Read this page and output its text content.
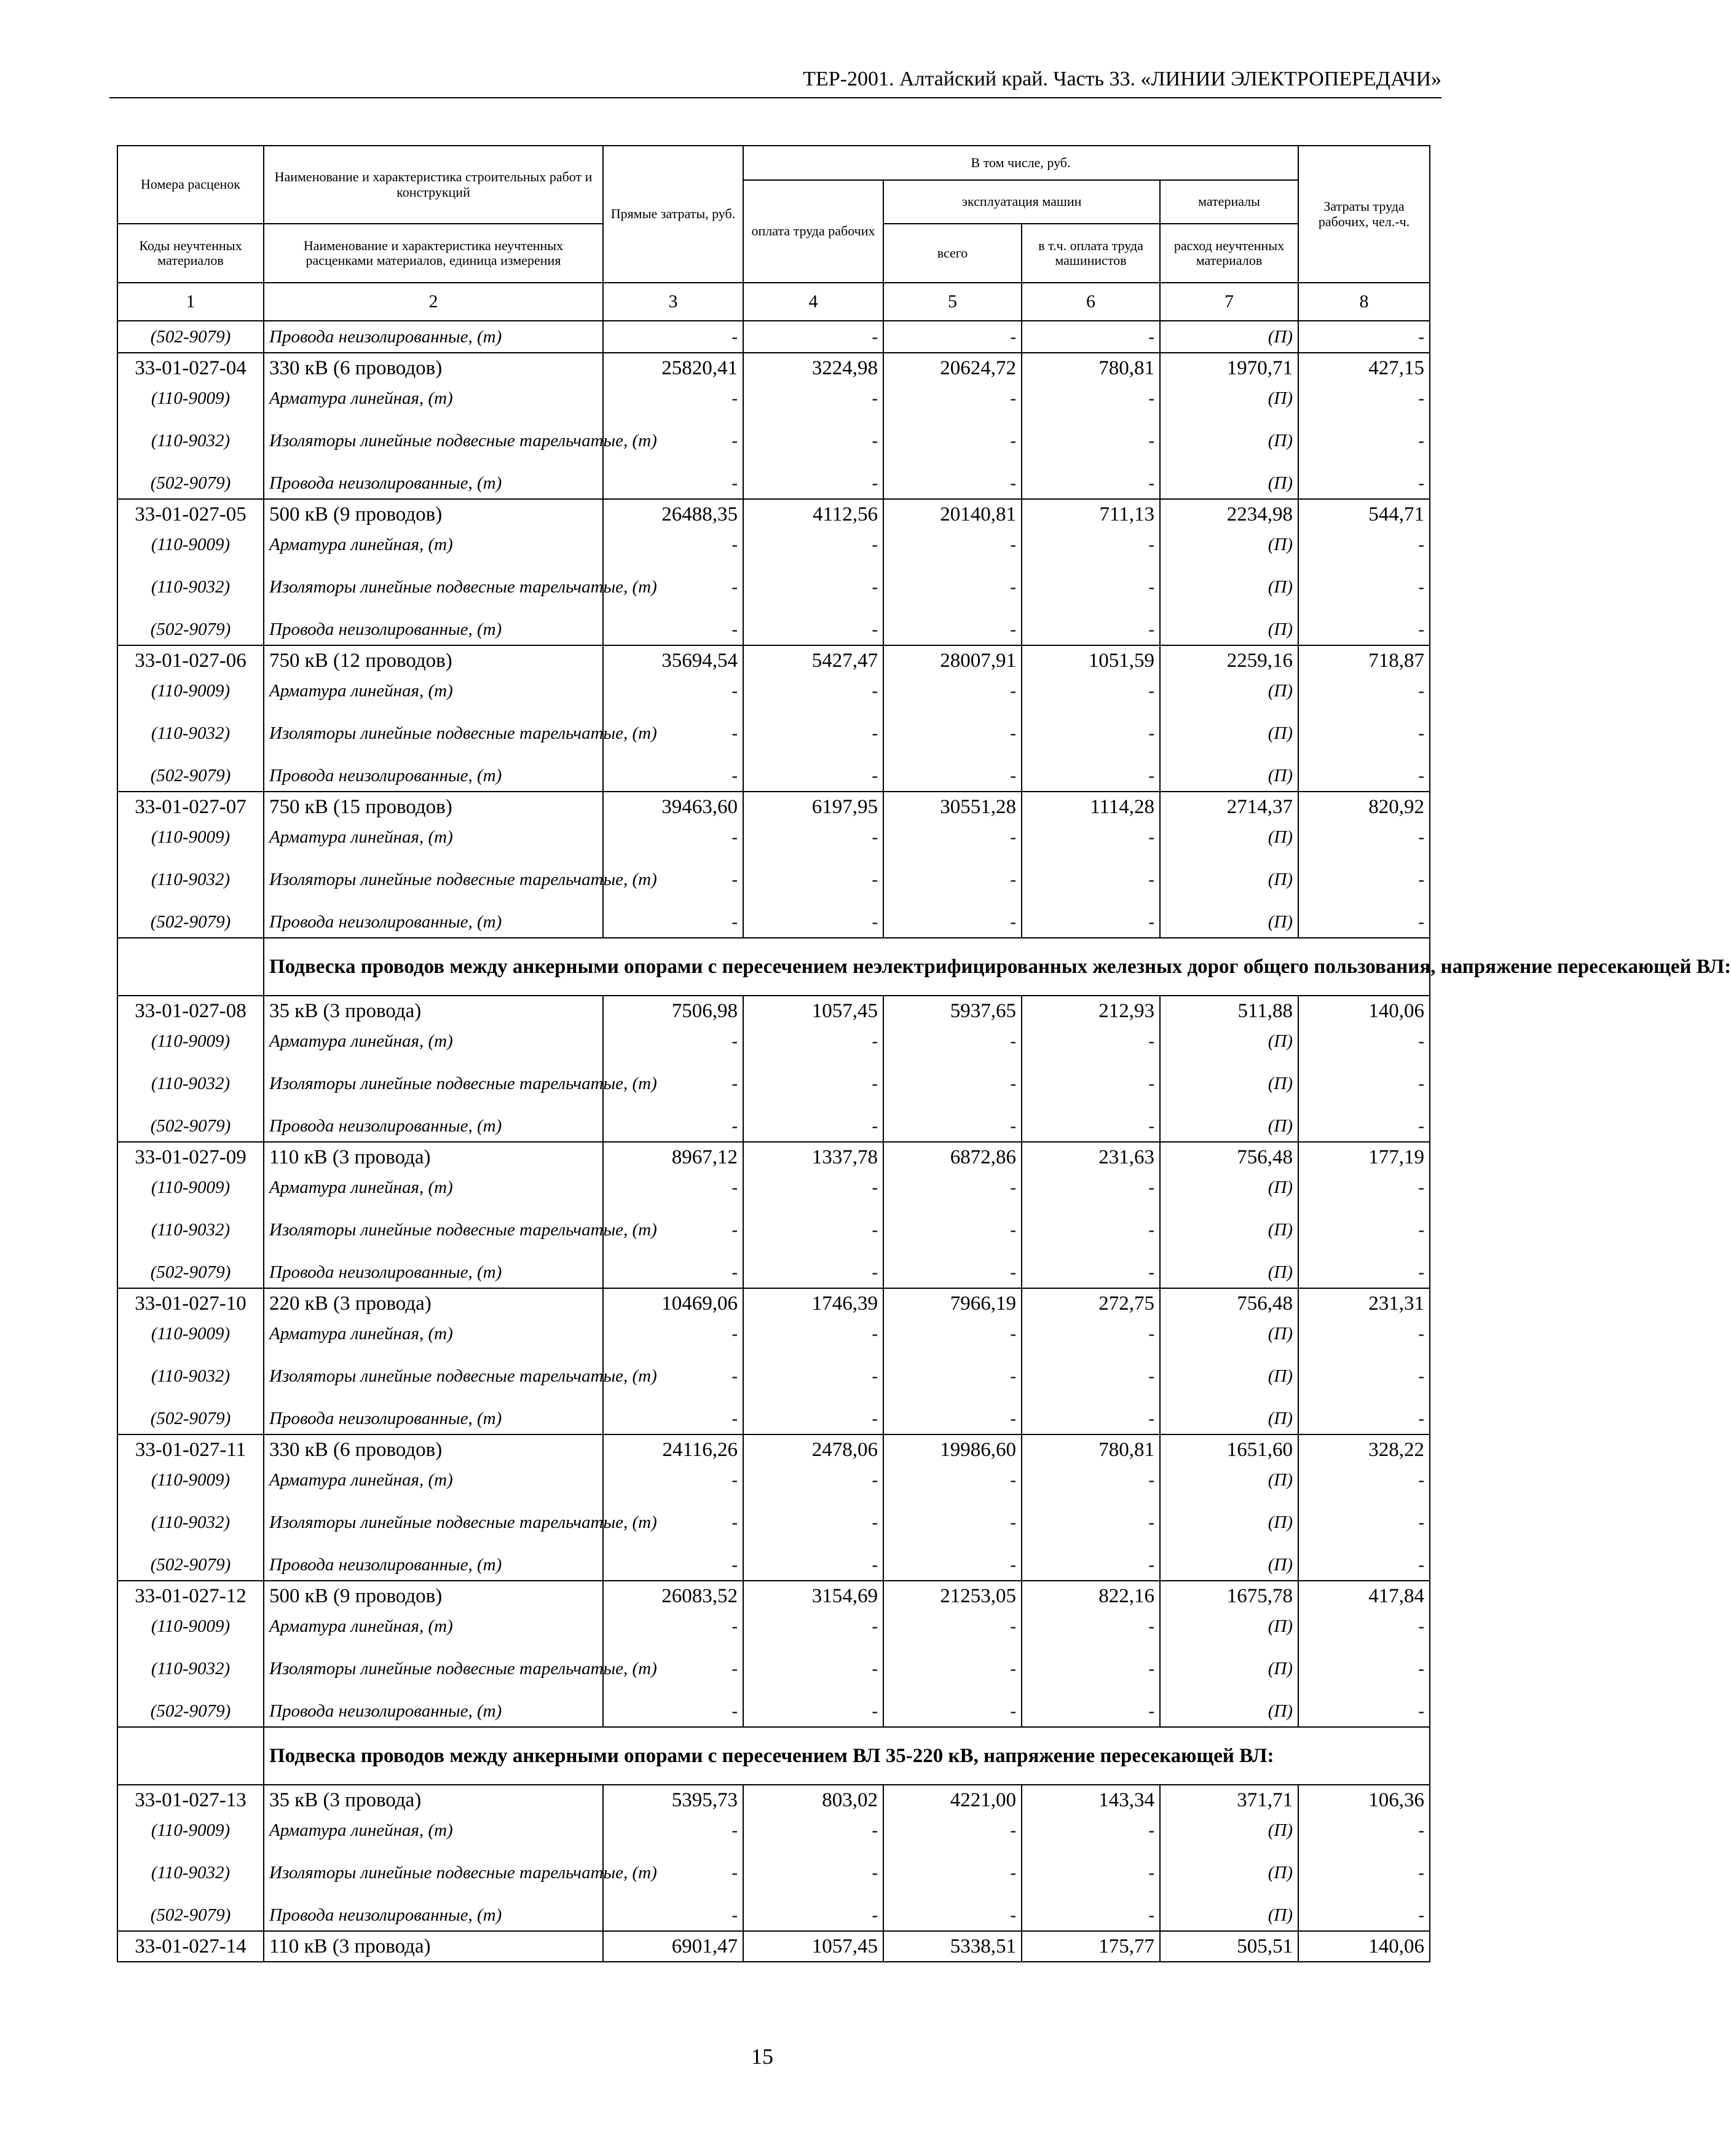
ТЕР-2001. Алтайский край. Часть 33. «ЛИНИИ ЭЛЕКТРОПЕРЕДАЧИ»
Номера расценок	Наименование и характеристика строительных работ и конструкций	Прямые затраты, руб.	В том числе, руб.				Затраты труда рабочих, чел.-ч.
			оплата труда рабочих	эксплуатация машин		материалы	
Коды неучтенных материалов	Наименование и характеристика неучтенных расценками материалов, единица измерения			всего	в т.ч. оплата труда машинистов	расход неучтенных материалов	
1	2	3	4	5	6	7	8
(502-9079)	Провода неизолированные, (т)	-	-	-	-	(П)	-
33-01-027-04	330 кВ (6 проводов)	25820,41	3224,98	20624,72	780,81	1970,71	427,15
(110-9009)	Арматура линейная, (т)	-	-	-	-	(П)	-
(110-9032)	Изоляторы линейные подвесные тарельчатые, (т)	-	-	-	-	(П)	-
(502-9079)	Провода неизолированные, (т)	-	-	-	-	(П)	-
33-01-027-05	500 кВ (9 проводов)	26488,35	4112,56	20140,81	711,13	2234,98	544,71
(110-9009)	Арматура линейная, (т)	-	-	-	-	(П)	-
(110-9032)	Изоляторы линейные подвесные тарельчатые, (т)	-	-	-	-	(П)	-
(502-9079)	Провода неизолированные, (т)	-	-	-	-	(П)	-
33-01-027-06	750 кВ (12 проводов)	35694,54	5427,47	28007,91	1051,59	2259,16	718,87
(110-9009)	Арматура линейная, (т)	-	-	-	-	(П)	-
(110-9032)	Изоляторы линейные подвесные тарельчатые, (т)	-	-	-	-	(П)	-
(502-9079)	Провода неизолированные, (т)	-	-	-	-	(П)	-
33-01-027-07	750 кВ (15 проводов)	39463,60	6197,95	30551,28	1114,28	2714,37	820,92
(110-9009)	Арматура линейная, (т)	-	-	-	-	(П)	-
(110-9032)	Изоляторы линейные подвесные тарельчатые, (т)	-	-	-	-	(П)	-
(502-9079)	Провода неизолированные, (т)	-	-	-	-	(П)	-
	Подвеска проводов между анкерными опорами с пересечением неэлектрифицированных железных дорог общего пользования, напряжение пересекающей ВЛ:						
33-01-027-08	35 кВ (3 провода)	7506,98	1057,45	5937,65	212,93	511,88	140,06
(110-9009)	Арматура линейная, (т)	-	-	-	-	(П)	-
(110-9032)	Изоляторы линейные подвесные тарельчатые, (т)	-	-	-	-	(П)	-
(502-9079)	Провода неизолированные, (т)	-	-	-	-	(П)	-
33-01-027-09	110 кВ (3 провода)	8967,12	1337,78	6872,86	231,63	756,48	177,19
(110-9009)	Арматура линейная, (т)	-	-	-	-	(П)	-
(110-9032)	Изоляторы линейные подвесные тарельчатые, (т)	-	-	-	-	(П)	-
(502-9079)	Провода неизолированные, (т)	-	-	-	-	(П)	-
33-01-027-10	220 кВ (3 провода)	10469,06	1746,39	7966,19	272,75	756,48	231,31
(110-9009)	Арматура линейная, (т)	-	-	-	-	(П)	-
(110-9032)	Изоляторы линейные подвесные тарельчатые, (т)	-	-	-	-	(П)	-
(502-9079)	Провода неизолированные, (т)	-	-	-	-	(П)	-
33-01-027-11	330 кВ (6 проводов)	24116,26	2478,06	19986,60	780,81	1651,60	328,22
(110-9009)	Арматура линейная, (т)	-	-	-	-	(П)	-
(110-9032)	Изоляторы линейные подвесные тарельчатые, (т)	-	-	-	-	(П)	-
(502-9079)	Провода неизолированные, (т)	-	-	-	-	(П)	-
33-01-027-12	500 кВ (9 проводов)	26083,52	3154,69	21253,05	822,16	1675,78	417,84
(110-9009)	Арматура линейная, (т)	-	-	-	-	(П)	-
(110-9032)	Изоляторы линейные подвесные тарельчатые, (т)	-	-	-	-	(П)	-
(502-9079)	Провода неизолированные, (т)	-	-	-	-	(П)	-
	Подвеска проводов между анкерными опорами с пересечением ВЛ 35-220 кВ, напряжение пересекающей ВЛ:						
33-01-027-13	35 кВ (3 провода)	5395,73	803,02	4221,00	143,34	371,71	106,36
(110-9009)	Арматура линейная, (т)	-	-	-	-	(П)	-
(110-9032)	Изоляторы линейные подвесные тарельчатые, (т)	-	-	-	-	(П)	-
(502-9079)	Провода неизолированные, (т)	-	-	-	-	(П)	-
33-01-027-14	110 кВ (3 провода)	6901,47	1057,45	5338,51	175,77	505,51	140,06
15
